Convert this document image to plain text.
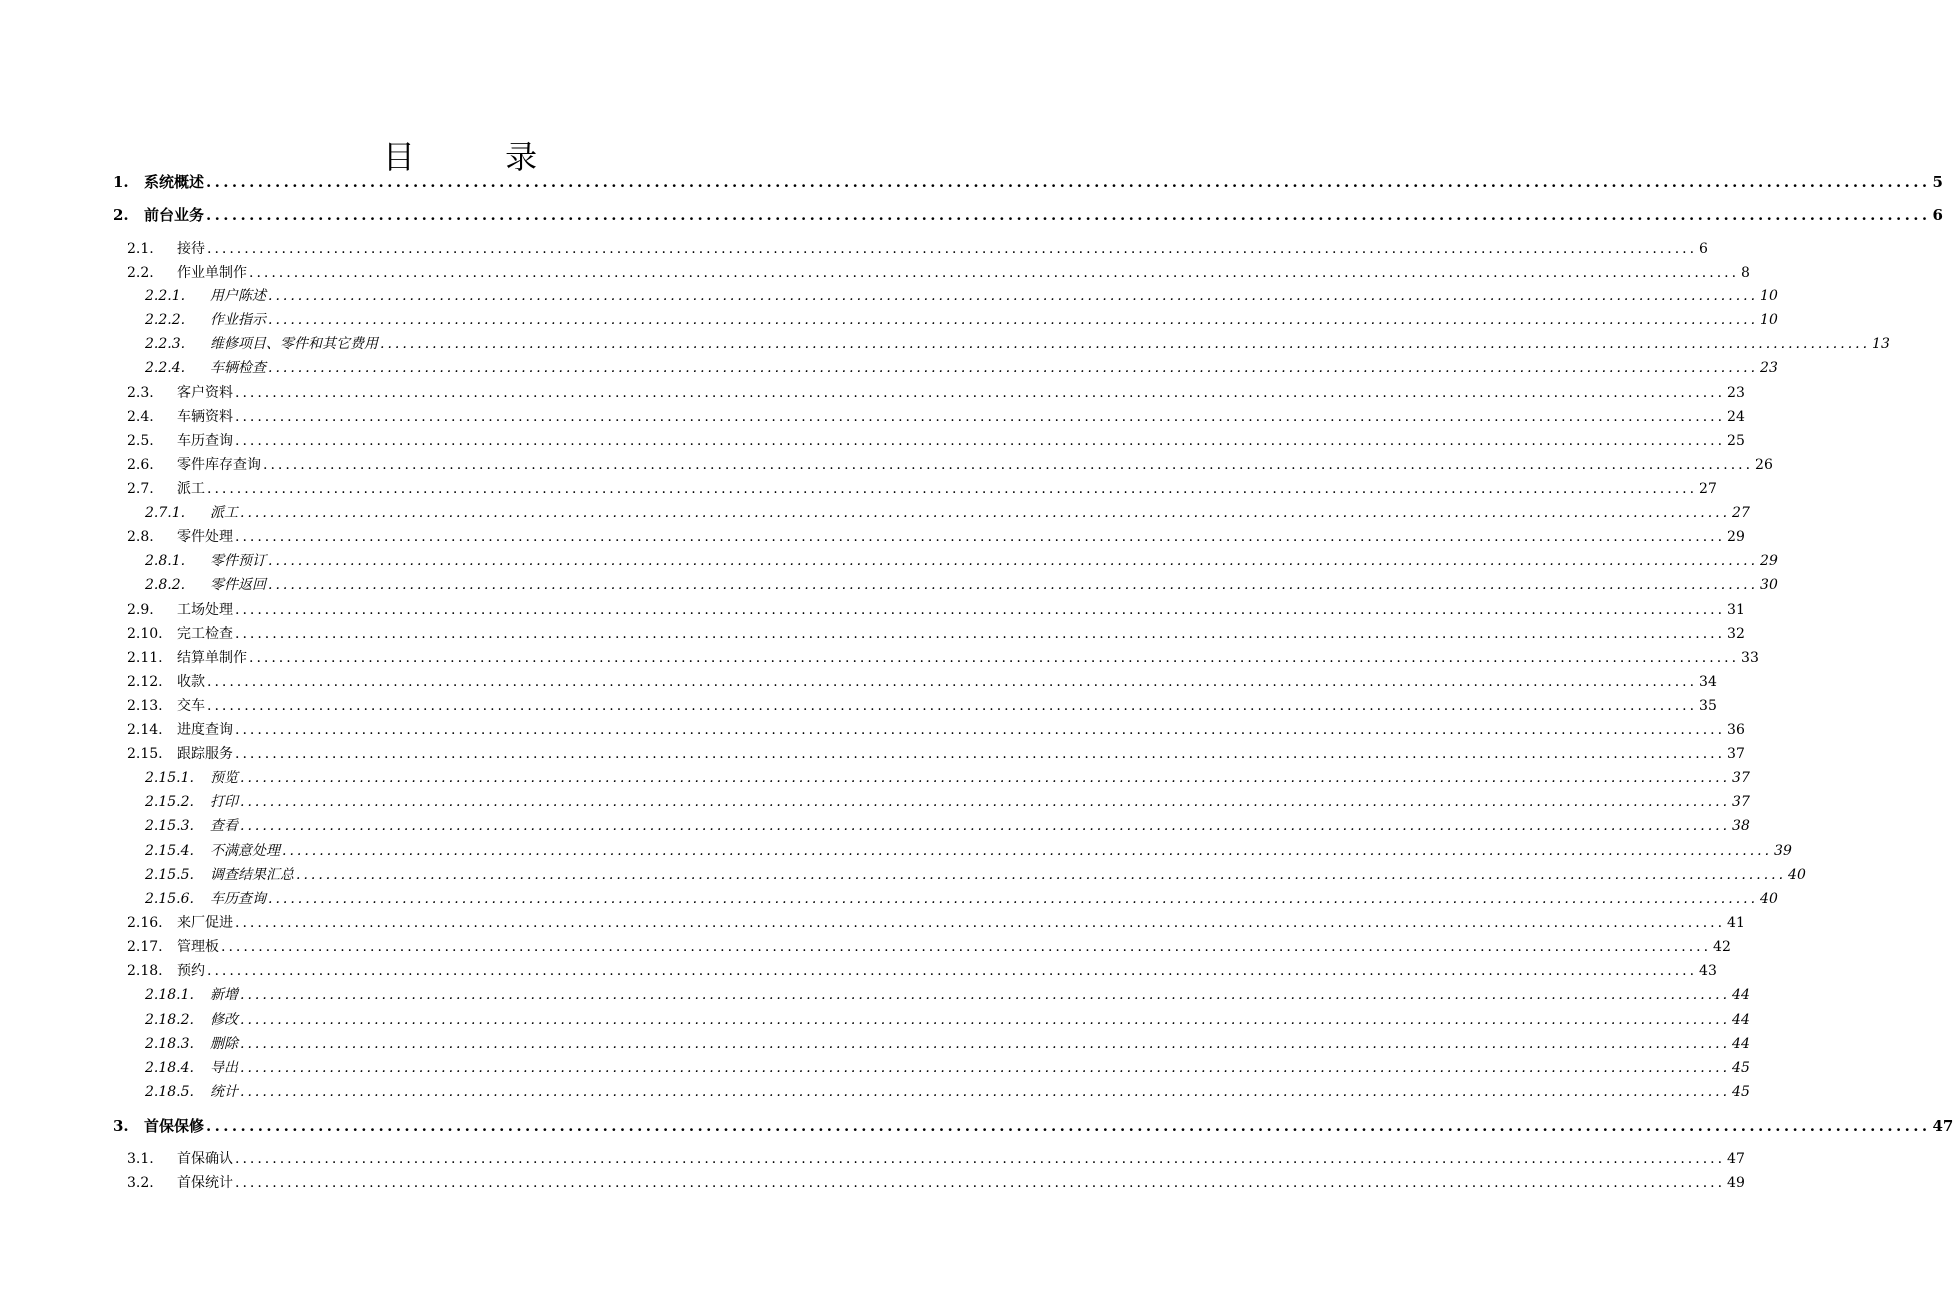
目 录
1.	系统概述 ........................................................................................................................................................................................................ 5
2.	前台业务 ........................................................................................................................................................................................................ 6
2.1.	接待 ........................................................................................................................................................................................................ 6
2.2.	作业单制作 ........................................................................................................................................................................................................ 8
2.2.1.	用户陈述 ........................................................................................................................................................................................................ 10
2.2.2.	作业指示 ........................................................................................................................................................................................................ 10
2.2.3.	维修项目、零件和其它费用 ........................................................................................................................................................................................................ 13
2.2.4.	车辆检查 ........................................................................................................................................................................................................ 23
2.3.	客户资料 ........................................................................................................................................................................................................ 23
2.4.	车辆资料 ........................................................................................................................................................................................................ 24
2.5.	车历查询 ........................................................................................................................................................................................................ 25
2.6.	零件库存查询 ........................................................................................................................................................................................................ 26
2.7.	派工 ........................................................................................................................................................................................................ 27
2.7.1.	派工 ........................................................................................................................................................................................................ 27
2.8.	零件处理 ........................................................................................................................................................................................................ 29
2.8.1.	零件预订 ........................................................................................................................................................................................................ 29
2.8.2.	零件返回 ........................................................................................................................................................................................................ 30
2.9.	工场处理 ........................................................................................................................................................................................................ 31
2.10.	完工检查 ........................................................................................................................................................................................................ 32
2.11.	结算单制作 ........................................................................................................................................................................................................ 33
2.12.	收款 ........................................................................................................................................................................................................ 34
2.13.	交车 ........................................................................................................................................................................................................ 35
2.14.	进度查询 ........................................................................................................................................................................................................ 36
2.15.	跟踪服务 ........................................................................................................................................................................................................ 37
2.15.1.	预览 ........................................................................................................................................................................................................ 37
2.15.2.	打印 ........................................................................................................................................................................................................ 37
2.15.3.	查看 ........................................................................................................................................................................................................ 38
2.15.4.	不满意处理 ........................................................................................................................................................................................................ 39
2.15.5.	调查结果汇总 ........................................................................................................................................................................................................ 40
2.15.6.	车历查询 ........................................................................................................................................................................................................ 40
2.16.	来厂促进 ........................................................................................................................................................................................................ 41
2.17.	管理板 ........................................................................................................................................................................................................ 42
2.18.	预约 ........................................................................................................................................................................................................ 43
2.18.1.	新增 ........................................................................................................................................................................................................ 44
2.18.2.	修改 ........................................................................................................................................................................................................ 44
2.18.3.	删除 ........................................................................................................................................................................................................ 44
2.18.4.	导出 ........................................................................................................................................................................................................ 45
2.18.5.	统计 ........................................................................................................................................................................................................ 45
3.	首保保修 ........................................................................................................................................................................................................ 47
3.1.	首保确认 ........................................................................................................................................................................................................ 47
3.2.	首保统计 ........................................................................................................................................................................................................ 49
